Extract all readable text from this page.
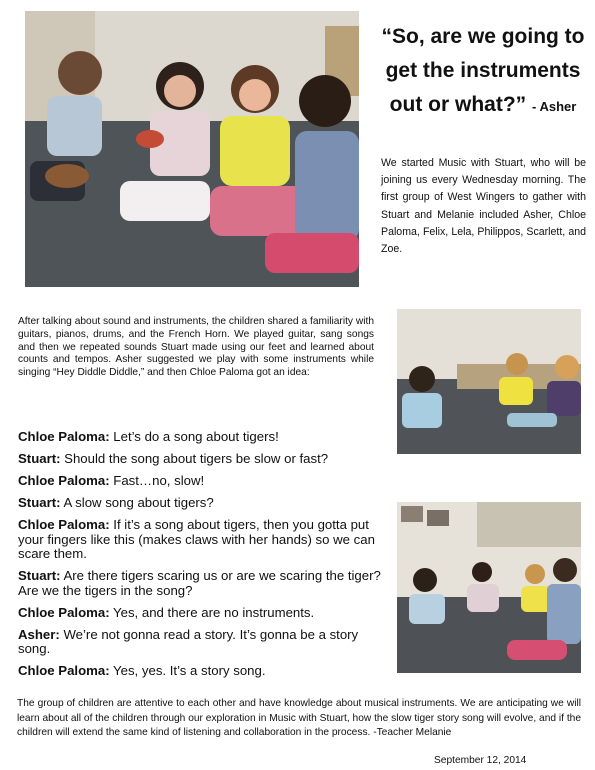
“So, are we going to get the instruments out or what?” - Asher
We started Music with Stuart, who will be joining us every Wednesday morning. The first group of West Wingers to gather with Stuart and Melanie included Asher, Chloe Paloma, Felix, Lela, Philippos, Scarlett, and Zoe.
After talking about sound and instruments, the children shared a familiarity with guitars, pianos, drums, and the French Horn. We played guitar, sang songs and then we repeated sounds Stuart made using our feet and learned about counts and tempos. Asher suggested we play with some instruments while singing “Hey Diddle Diddle,” and then Chloe Paloma got an idea:
Chloe Paloma: Let’s do a song about tigers!
Stuart: Should the song about tigers be slow or fast?
Chloe Paloma: Fast…no, slow!
Stuart: A slow song about tigers?
Chloe Paloma: If it’s a song about tigers, then you gotta put your fingers like this (makes claws with her hands) so we can scare them.
Stuart: Are there tigers scaring us or are we scaring the tiger? Are we the tigers in the song?
Chloe Paloma: Yes, and there are no instruments.
Asher: We’re not gonna read a story. It’s gonna be a story song.
Chloe Paloma: Yes, yes. It’s a story song.
The group of children are attentive to each other and have knowledge about musical instruments. We are anticipating we will learn about all of the children through our exploration in Music with Stuart, how the slow tiger story song will evolve, and if the children will extend the same kind of listening and collaboration in the process. -Teacher Melanie
September 12, 2014
